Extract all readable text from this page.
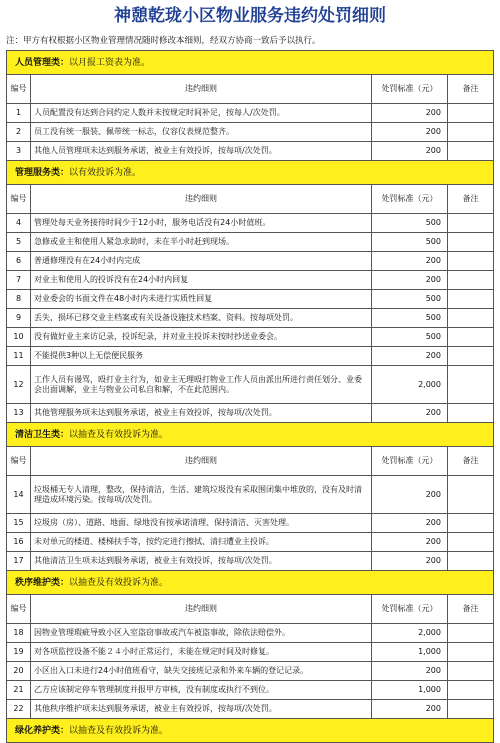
神憩乾珑小区物业服务违约处罚细则
注：甲方有权根据小区物业管理情况随时修改本细则，经双方协商一致后予以执行。
人员管理类：以月报工资表为准。			
编号	违约细则	处罚标准（元）	备注
1	人员配置没有达到合同约定人数并未按规定时间补足，按每人/次处罚。	200	
2	员工没有统一服装、佩带统一标志，仪容仪表规范整齐。	200	
3	其他人员管理项未达到服务承诺，被业主有效投诉，按每项/次处罚。	200	
管理服务类：以有效投诉为准。			
编号	违约细则	处罚标准（元）	备注
4	管理处每天业务接待时间少于12小时，服务电话没有24小时值班。	500	
5	急修或业主和使用人紧急求助时，未在半小时赶到现场。	500	
6	普通修理没有在24小时内完成	200	
7	对业主和使用人的投诉没有在24小时内回复	200	
8	对业委会的书面文件在48小时内未进行实质性回复	500	
9	丢失，损坏已移交业主档案或有关设备设施技术档案、资料。按每项处罚。	500	
10	没有做好业主来访记录，投诉纪录，并对业主投诉未按时抄送业委会。	500	
11	不能提供3种以上无偿便民服务	200	
12	工作人员有谩骂，殴打业主行为，如业主无理殴打物业工作人员由派出所进行责任划分、业委会出面调解，业主与物业公司私自和解，不在此范围内。	2,000	
13	其他管理服务项未达到服务承诺，被业主有效投诉，按每项/次处罚。	200	
清洁卫生类：以抽查及有效投诉为准。			
编号	违约细则	处罚标准（元）	备注
14	垃圾桶无专人清理，整改，保持清洁，生活、建筑垃圾没有采取围闭集中堆放的，没有及时清理造成环境污染。按每项/次处罚。	200	
15	垃圾房（房）、道路、地面、绿地没有按承诺清理、保持清洁、灭害处理。	200	
16	未对单元的楼道、楼梯扶手等，按约定进行擦拭、清扫遭业主投诉。	200	
17	其他清洁卫生项未达到服务承诺，被业主有效投诉，按每项/次处罚。	200	
秩序维护类：以抽查及有效投诉为准。			
编号	违约细则	处罚标准（元）	备注
18	因物业管理瑕疵导致小区入室盗窃事故或汽车被盗事故，除依法赔偿外。	2,000	
19	对各项监控设备不能２４小时正常运行，未能在规定时间及时修复。	1,000	
20	小区出入口未进行24小时值班看守，缺失交接班记录和外来车辆的登记记录。	200	
21	乙方应该制定停车管理制度并报甲方审核，没有制度或执行不到位。	1,000	
22	其他秩序维护项未达到服务承诺，被业主有效投诉，按每项/次处罚。	200	
绿化养护类：以抽查及有效投诉为准。			
